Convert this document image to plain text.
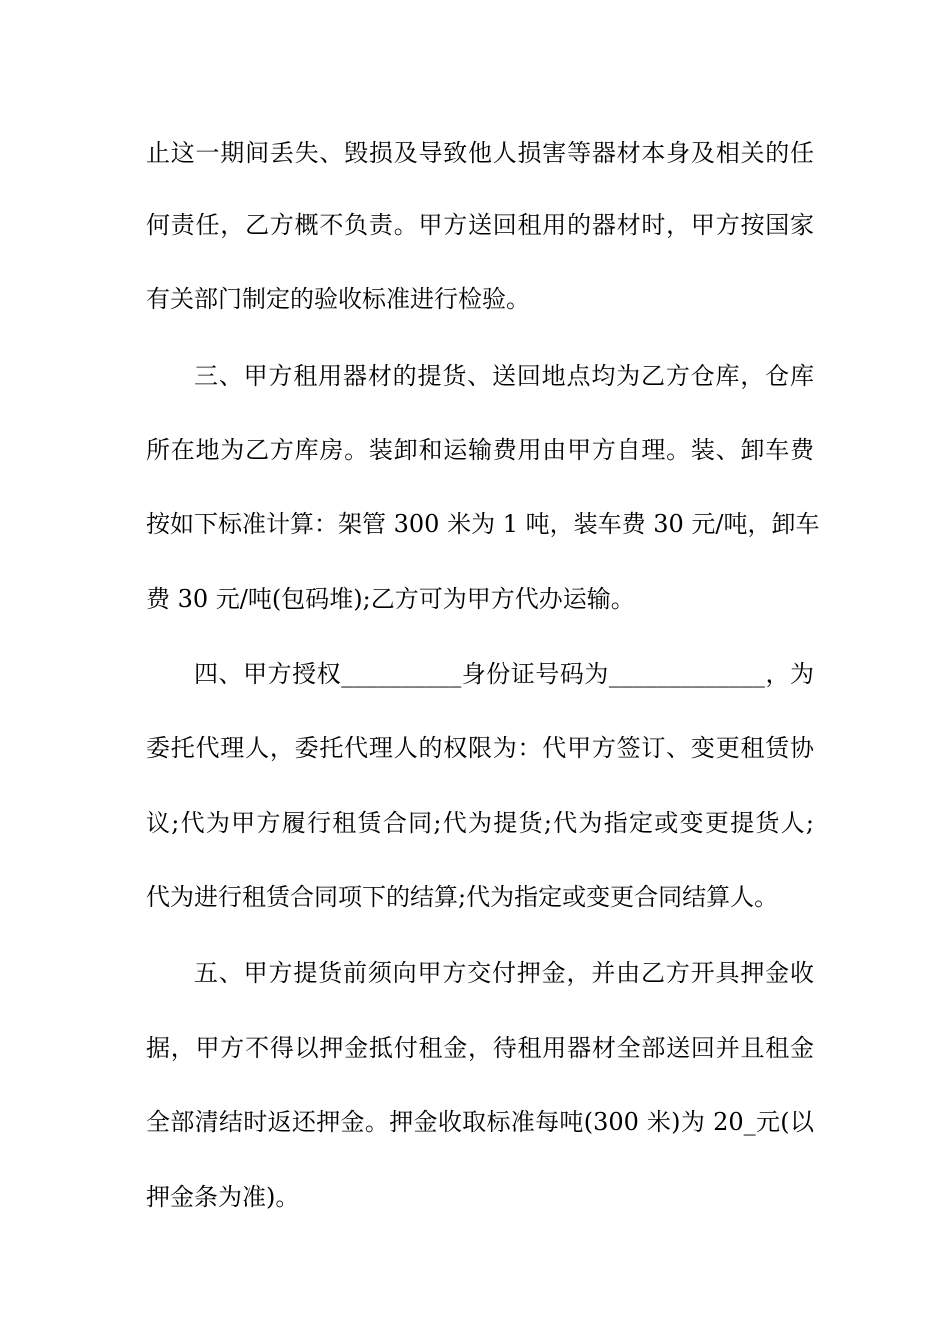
止这一期间丢失、毁损及导致他人损害等器材本身及相关的任
何责任，乙方概不负责。甲方送回租用的器材时，甲方按国家
有关部门制定的验收标准进行检验。
三、甲方租用器材的提货、送回地点均为乙方仓库，仓库
所在地为乙方库房。装卸和运输费用由甲方自理。装、卸车费
按如下标准计算：架管 300 米为 1 吨，装车费 30 元/吨，卸车
费 30 元/吨(包码堆);乙方可为甲方代办运输。
四、甲方授权__________身份证号码为_____________，为
委托代理人，委托代理人的权限为：代甲方签订、变更租赁协
议;代为甲方履行租赁合同;代为提货;代为指定或变更提货人;
代为进行租赁合同项下的结算;代为指定或变更合同结算人。
五、甲方提货前须向甲方交付押金，并由乙方开具押金收
据，甲方不得以押金抵付租金，待租用器材全部送回并且租金
全部清结时返还押金。押金收取标准每吨(300 米)为 20_元(以
押金条为准)。
